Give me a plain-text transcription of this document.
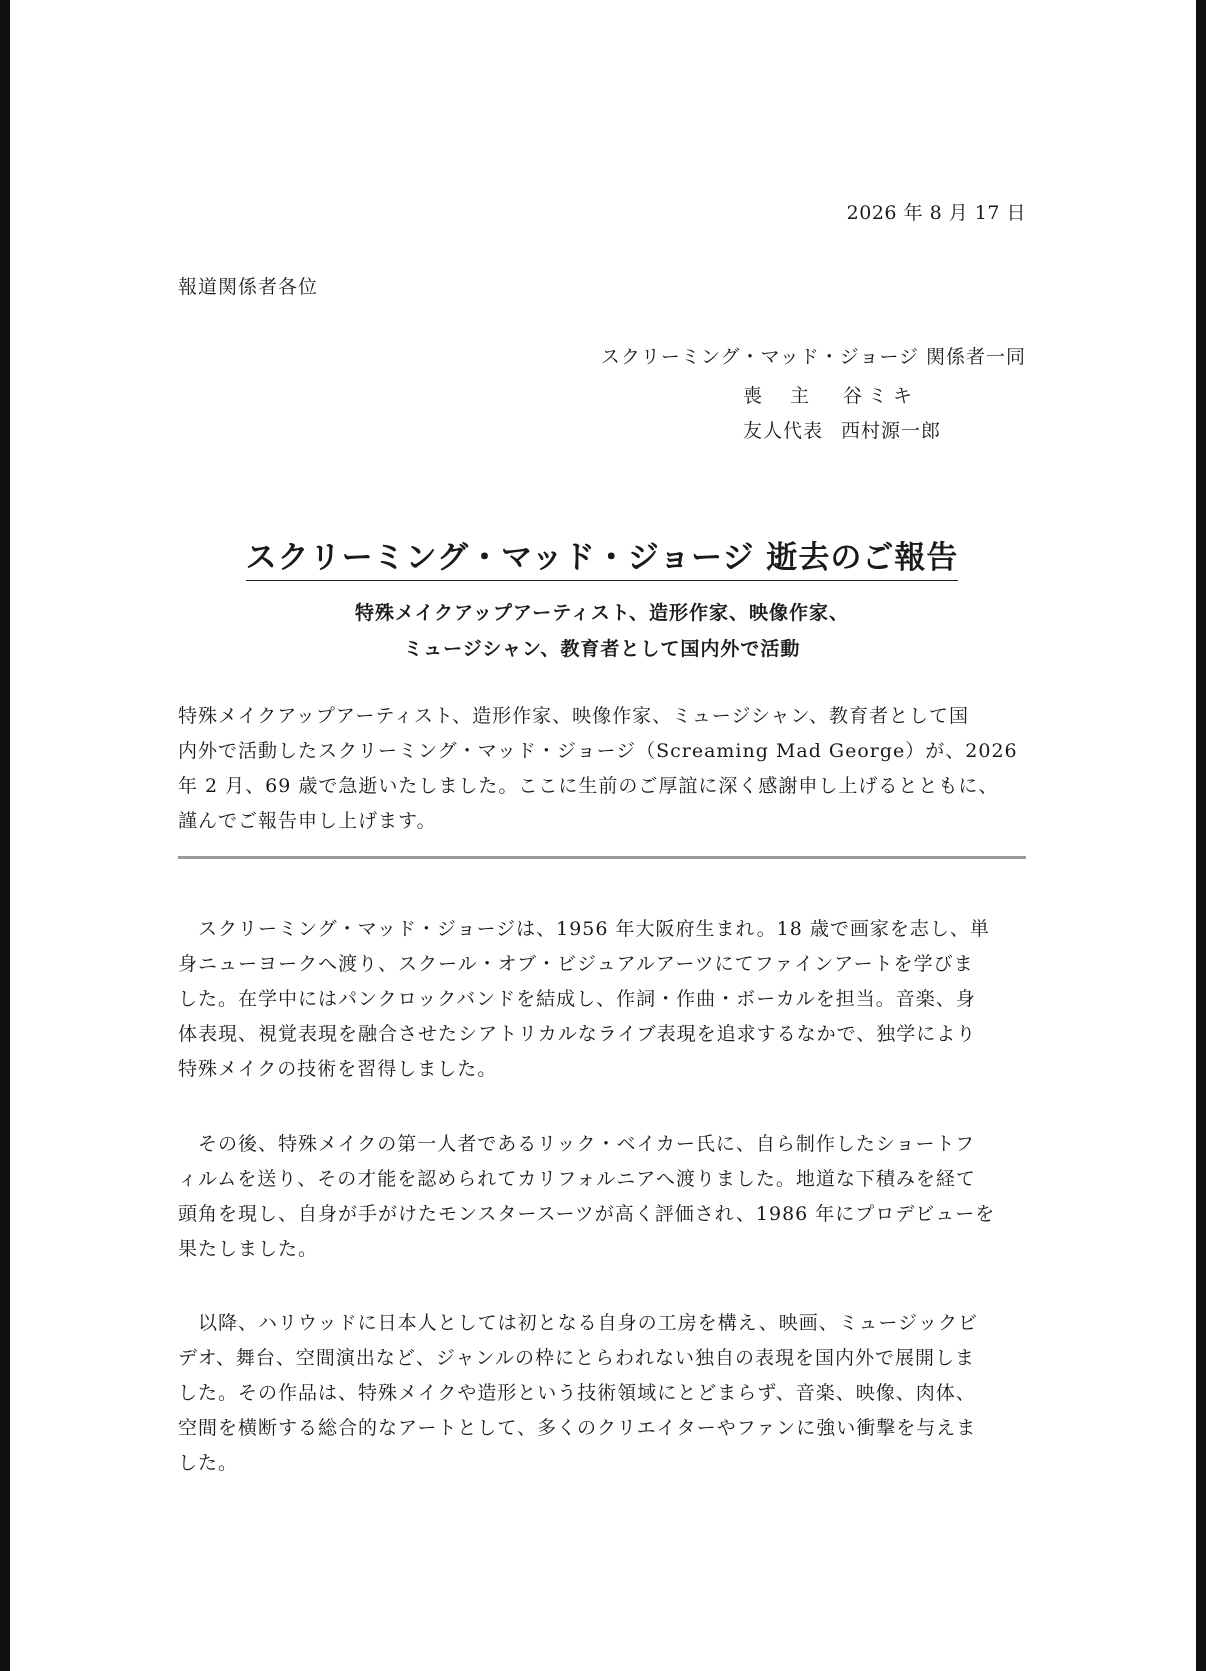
2026 年 8 月 17 日
報道関係者各位
スクリーミング・マッド・ジョージ 関係者一同
喪主 谷ミキ
友人代表 西村源一郎
スクリーミング・マッド・ジョージ 逝去のご報告
特殊メイクアップアーティスト、造形作家、映像作家、
ミュージシャン、教育者として国内外で活動
特殊メイクアップアーティスト、造形作家、映像作家、ミュージシャン、教育者として国
内外で活動したスクリーミング・マッド・ジョージ（Screaming Mad George）が、2026
年 2 月、69 歳で急逝いたしました。ここに生前のご厚誼に深く感謝申し上げるとともに、
謹んでご報告申し上げます。
　スクリーミング・マッド・ジョージは、1956 年大阪府生まれ。18 歳で画家を志し、単
身ニューヨークへ渡り、スクール・オブ・ビジュアルアーツにてファインアートを学びま
した。在学中にはパンクロックバンドを結成し、作詞・作曲・ボーカルを担当。音楽、身
体表現、視覚表現を融合させたシアトリカルなライブ表現を追求するなかで、独学により
特殊メイクの技術を習得しました。
　その後、特殊メイクの第一人者であるリック・ベイカー氏に、自ら制作したショートフ
ィルムを送り、その才能を認められてカリフォルニアへ渡りました。地道な下積みを経て
頭角を現し、自身が手がけたモンスタースーツが高く評価され、1986 年にプロデビューを
果たしました。
　以降、ハリウッドに日本人としては初となる自身の工房を構え、映画、ミュージックビ
デオ、舞台、空間演出など、ジャンルの枠にとらわれない独自の表現を国内外で展開しま
した。その作品は、特殊メイクや造形という技術領域にとどまらず、音楽、映像、肉体、
空間を横断する総合的なアートとして、多くのクリエイターやファンに強い衝撃を与えま
した。
